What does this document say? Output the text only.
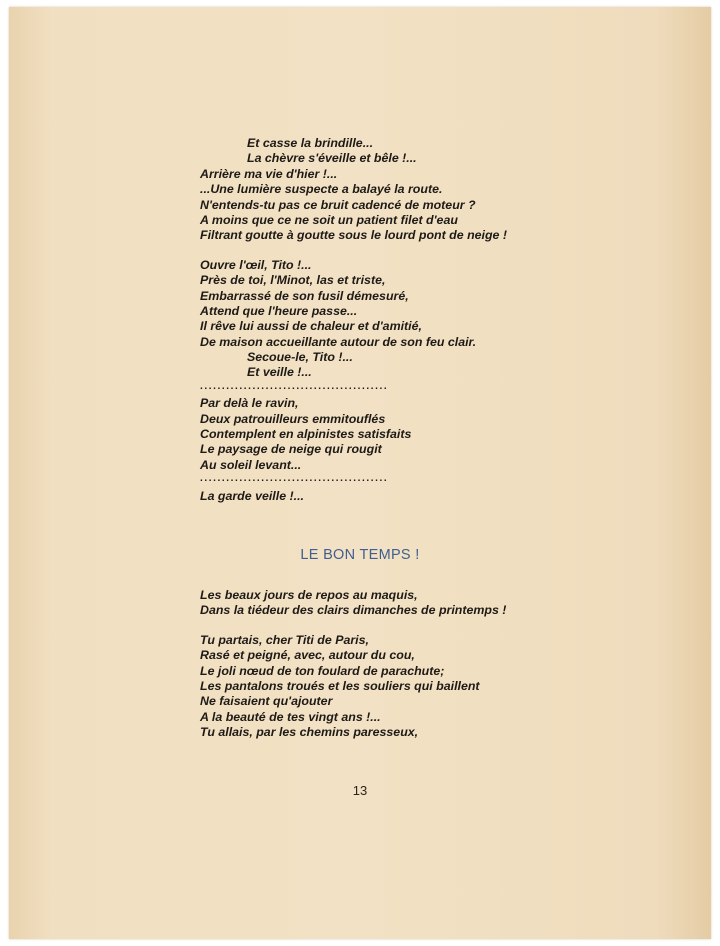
Et casse la brindille...
La chèvre s'éveille et bêle !...
Arrière ma vie d'hier !...
...Une lumière suspecte a balayé la route.
N'entends-tu pas ce bruit cadencé de moteur ?
A moins que ce ne soit un patient filet d'eau
Filtrant goutte à goutte sous le lourd pont de neige !
Ouvre l'œil, Tito !...
Près de toi, l'Minot, las et triste,
Embarrassé de son fusil démesuré,
Attend que l'heure passe...
Il rêve lui aussi de chaleur et d'amitié,
De maison accueillante autour de son feu clair.
Secoue-le, Tito !...
Et veille !...
...........................................
Par delà le ravin,
Deux patrouilleurs emmitouflés
Contemplent en alpinistes satisfaits
Le paysage de neige qui rougit
Au soleil levant...
...........................................
La garde veille !...
LE BON TEMPS !
Les beaux jours de repos au maquis,
Dans la tiédeur des clairs dimanches de printemps !
Tu partais, cher Titi de Paris,
Rasé et peigné, avec, autour du cou,
Le joli nœud de ton foulard de parachute;
Les pantalons troués et les souliers qui baillent
Ne faisaient qu'ajouter
A la beauté de tes vingt ans !...
Tu allais, par les chemins paresseux,
13
